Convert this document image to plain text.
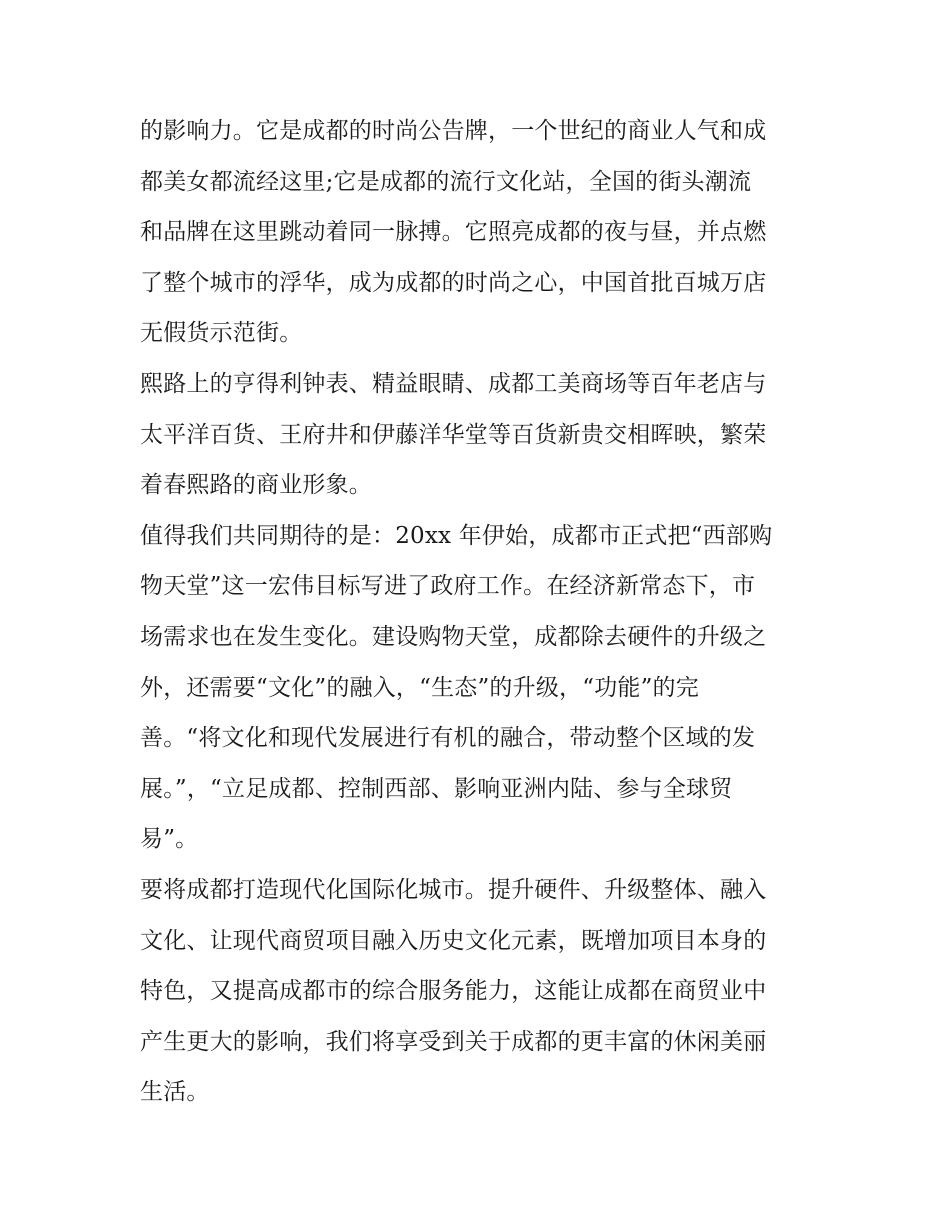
的影响力。它是成都的时尚公告牌，一个世纪的商业人气和成
都美女都流经这里;它是成都的流行文化站，全国的街头潮流
和品牌在这里跳动着同一脉搏。它照亮成都的夜与昼，并点燃
了整个城市的浮华，成为成都的时尚之心，中国首批百城万店
无假货示范街。
熙路上的亨得利钟表、精益眼睛、成都工美商场等百年老店与
太平洋百货、王府井和伊藤洋华堂等百货新贵交相晖映，繁荣
着春熙路的商业形象。
值得我们共同期待的是：20xx 年伊始，成都市正式把“西部购
物天堂”这一宏伟目标写进了政府工作。在经济新常态下，市
场需求也在发生变化。建设购物天堂，成都除去硬件的升级之
外，还需要“文化”的融入，“生态”的升级，“功能”的完
善。“将文化和现代发展进行有机的融合，带动整个区域的发
展。”，“立足成都、控制西部、影响亚洲内陆、参与全球贸
易”。
要将成都打造现代化国际化城市。提升硬件、升级整体、融入
文化、让现代商贸项目融入历史文化元素，既增加项目本身的
特色，又提高成都市的综合服务能力，这能让成都在商贸业中
产生更大的影响，我们将享受到关于成都的更丰富的休闲美丽
生活。
